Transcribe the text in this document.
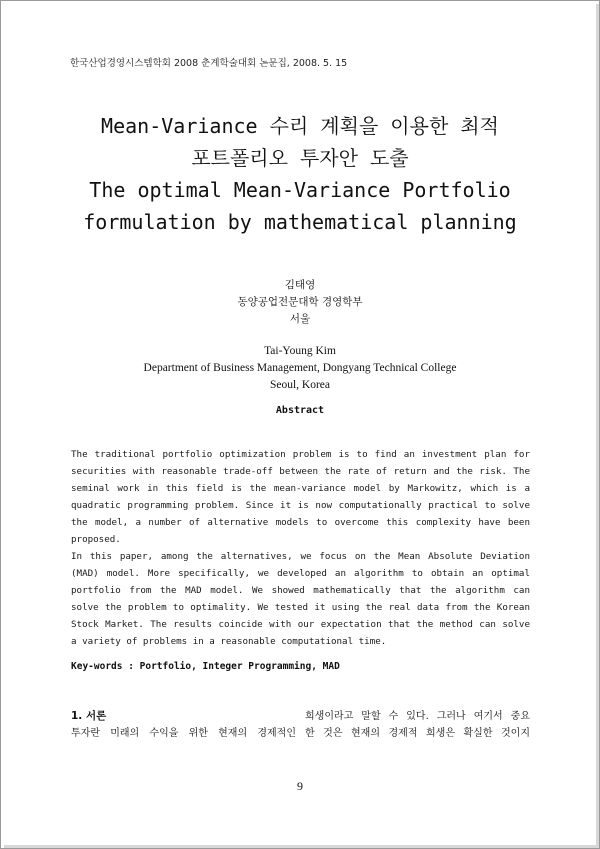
한국산업경영시스템학회 2008 춘계학술대회 논문집, 2008. 5. 15
Mean-Variance 수리 계획을 이용한 최적
포트폴리오 투자안 도출
The optimal Mean-Variance Portfolio
formulation by mathematical planning
김태영
동양공업전문대학 경영학부
서울
Tai-Young Kim
Department of Business Management, Dongyang Technical College
Seoul, Korea
Abstract

The traditional portfolio optimization problem is to find an investment plan for securities with reasonable trade-off between the rate of return and the risk. The seminal work in this field is the mean-variance model by Markowitz, which is a quadratic programming problem. Since it is now computationally practical to solve the model, a number of alternative models to overcome this complexity have been proposed.

In this paper, among the alternatives, we focus on the Mean Absolute Deviation (MAD) model. More specifically, we developed an algorithm to obtain an optimal portfolio from the MAD model. We showed mathematically that the algorithm can solve the problem to optimality. We tested it using the real data from the Korean Stock Market. The results coincide with our expectation that the method can solve a variety of problems in a reasonable computational time.

Key-words : Portfolio, Integer Programming, MAD
1. 서론
투자란 미래의 수익을 위한 현재의 경제적인
희생이라고 말할 수 있다. 그러나 여기서 중요
한 것은 현재의 경제적 희생은 확실한 것이지
9
